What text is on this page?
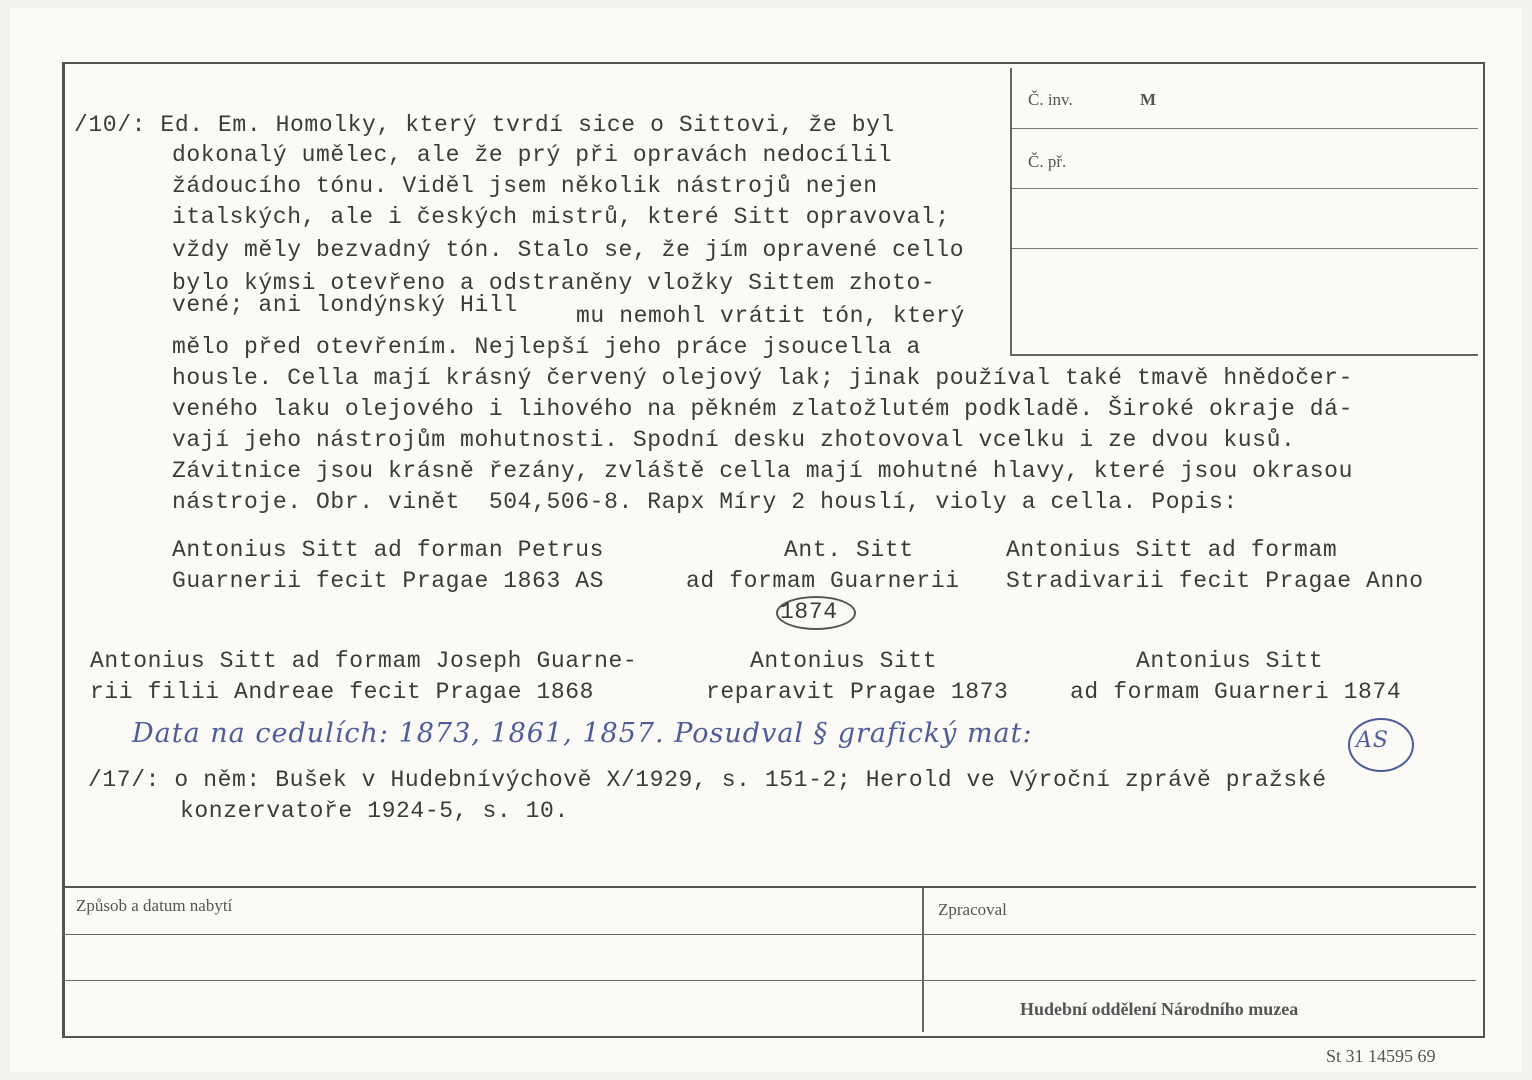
Č. inv.	M
Č. př.
/10/: Ed. Em. Homolky, který tvrdí sice o Sittovi, že byl
dokonalý umělec, ale že prý při opravách nedocílil
žádoucího tónu. Viděl jsem několik nástrojů nejen
italských, ale i českých mistrů, které Sitt opravoval;
vždy měly bezvadný tón. Stalo se, že jím opravené cello
bylo kýmsi otevřeno a odstraněny vložky Sittem zhoto-
vené; ani londýnský Hill	mu nemohl vrátit tón, který
mělo před otevřením. Nejlepší jeho práce jsoucella a
housle. Cella mají krásný červený olejový lak; jinak používal také tmavě hnědočer-
veného laku olejového i lihového na pěkném zlatožlutém podkladě. Široké okraje dá-
vají jeho nástrojům mohutnosti. Spodní desku zhotovoval vcelku i ze dvou kusů.
Závitnice jsou krásně řezány, zvláště cella mají mohutné hlavy, které jsou okrasou
nástroje. Obr. vinět  504,506-8. Rapx Míry 2 houslí, violy a cella. Popis:
Antonius Sitt ad forman Petrus
Guarnerii fecit Pragae 1863 AS
Ant. Sitt
ad formam Guarnerii
1874
Antonius Sitt ad formam
Stradivarii fecit Pragae Anno
Antonius Sitt ad formam Joseph Guarne-
rii filii Andreae fecit Pragae 1868
Antonius Sitt
reparavit Pragae 1873
Antonius Sitt
ad formam Guarneri 1874
Data na cedulích: 1873, 1861, 1857. Posudval § grafický mat:	AS
/17/: o něm: Bušek v Hudebnívýchově X/1929, s. 151-2; Herold ve Výroční zprávě pražské
konzervatoře 1924-5, s. 10.
Způsob a datum nabytí	Zpracoval
Hudební oddělení Národního muzea
St 31 14595 69
